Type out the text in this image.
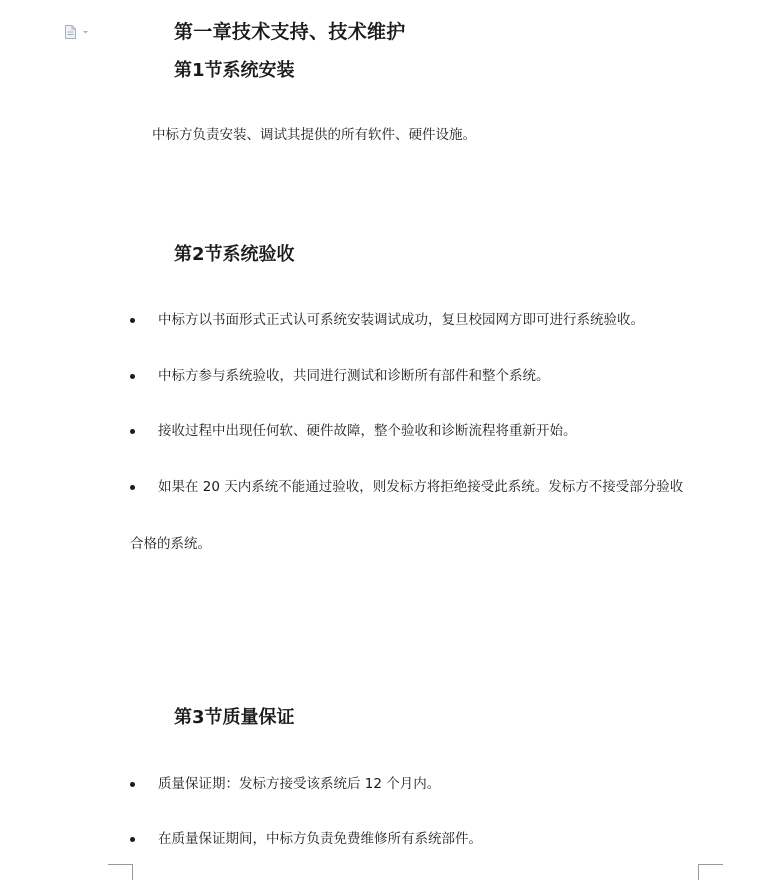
第一章技术支持、技术维护
第1节系统安装
中标方负责安装、调试其提供的所有软件、硬件设施。
第2节系统验收
中标方以书面形式正式认可系统安装调试成功，复旦校园网方即可进行系统验收。
中标方参与系统验收，共同进行测试和诊断所有部件和整个系统。
接收过程中出现任何软、硬件故障，整个验收和诊断流程将重新开始。
如果在 20 天内系统不能通过验收，则发标方将拒绝接受此系统。发标方不接受部分验收
合格的系统。
第3节质量保证
质量保证期：发标方接受该系统后 12 个月内。
在质量保证期间，中标方负责免费维修所有系统部件。
